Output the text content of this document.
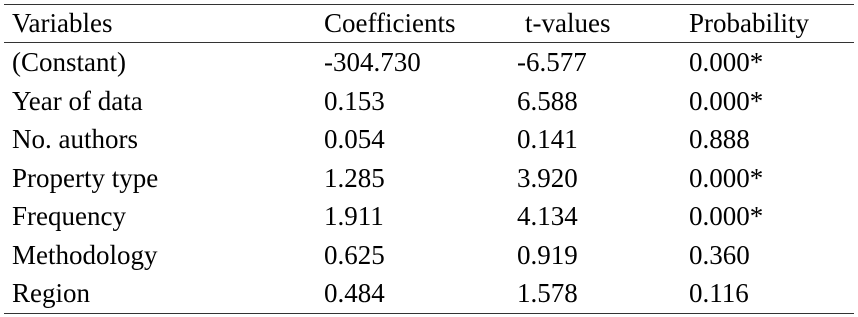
Variables	Coefficients	t-values	Probability
(Constant)	-304.730	-6.577	0.000*
Year of data	0.153	6.588	0.000*
No. authors	0.054	0.141	0.888
Property type	1.285	3.920	0.000*
Frequency	1.911	4.134	0.000*
Methodology	0.625	0.919	0.360
Region	0.484	1.578	0.116
